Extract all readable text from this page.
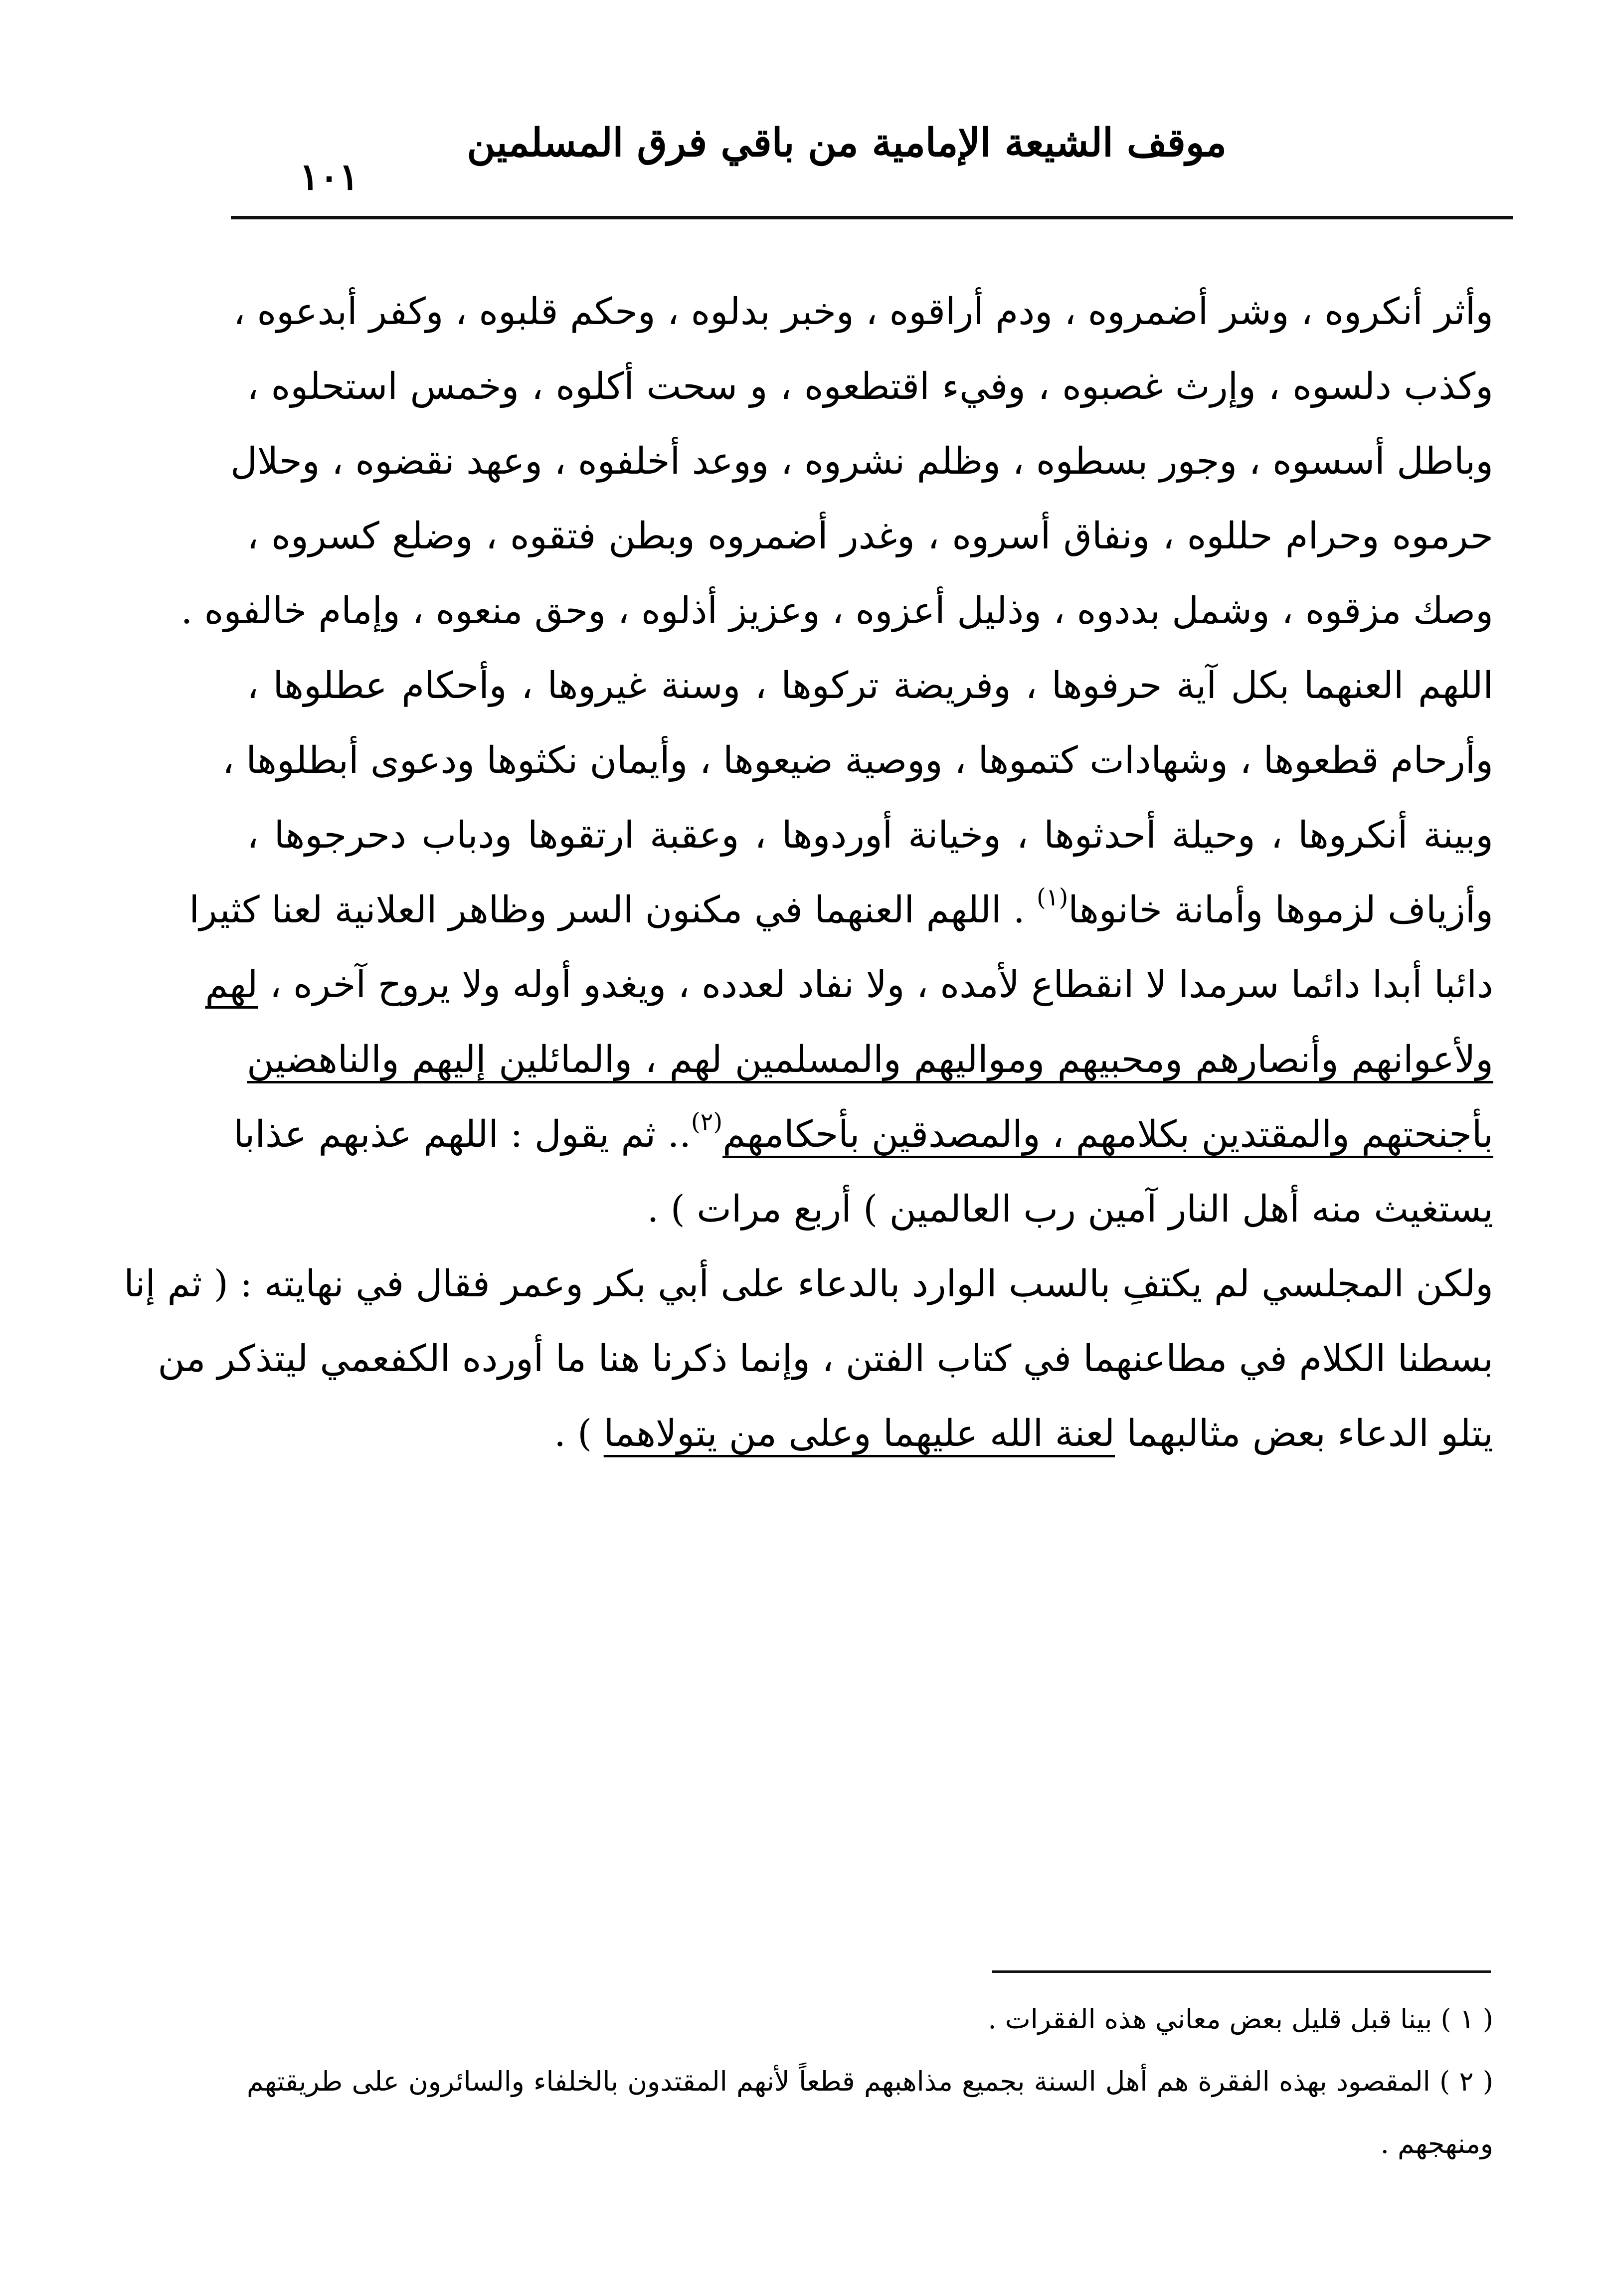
موقف الشيعة الإمامية من باقي فرق المسلمين
١٠١
وأثر أنكروه ، وشر أضمروه ، ودم أراقوه ، وخبر بدلوه ، وحكم قلبوه ، وكفر أبدعوه ،
وكذب دلسوه ، وإرث غصبوه ، وفيء اقتطعوه ، و سحت أكلوه ، وخمس استحلوه ،
وباطل أسسوه ، وجور بسطوه ، وظلم نشروه ، ووعد أخلفوه ، وعهد نقضوه ، وحلال
حرموه وحرام حللوه ، ونفاق أسروه ، وغدر أضمروه وبطن فتقوه ، وضلع كسروه ،
وصك مزقوه ، وشمل بددوه ، وذليل أعزوه ، وعزيز أذلوه ، وحق منعوه ، وإمام خالفوه .
اللهم العنهما بكل آية حرفوها ، وفريضة تركوها ، وسنة غيروها ، وأحكام عطلوها ،
وأرحام قطعوها ، وشهادات كتموها ، ووصية ضيعوها ، وأيمان نكثوها ودعوى أبطلوها ،
وبينة أنكروها ، وحيلة أحدثوها ، وخيانة أوردوها ، وعقبة ارتقوها ودباب دحرجوها ،
وأزياف لزموها وأمانة خانوها$^{(١)}$ . اللهم العنهما في مكنون السر وظاهر العلانية لعنا كثيرا
دائبا أبدا دائما سرمدا لا انقطاع لأمده ، ولا نفاد لعدده ، ويغدو أوله ولا يروح آخره ، لهم
ولأعوانهم وأنصارهم ومحبيهم ومواليهم والمسلمين لهم ، والمائلين إليهم والناهضين
بأجنحتهم والمقتدين بكلامهم ، والمصدقين بأحكامهم$^{(٢)}$.. ثم يقول : اللهم عذبهم عذابا
يستغيث منه أهل النار آمين رب العالمين ) أربع مرات ) .
ولكن المجلسي لم يكتفِ بالسب الوارد بالدعاء على أبي بكر وعمر فقال في نهايته : ( ثم إنا
بسطنا الكلام في مطاعنهما في كتاب الفتن ، وإنما ذكرنا هنا ما أورده الكفعمي ليتذكر من
يتلو الدعاء بعض مثالبهما لعنة الله عليهما وعلى من يتولاهما ) .
( ١ ) بينا قبل قليل بعض معاني هذه الفقرات .
( ٢ ) المقصود بهذه الفقرة هم أهل السنة بجميع مذاهبهم قطعاً لأنهم المقتدون بالخلفاء والسائرون على طريقتهم
ومنهجهم .
